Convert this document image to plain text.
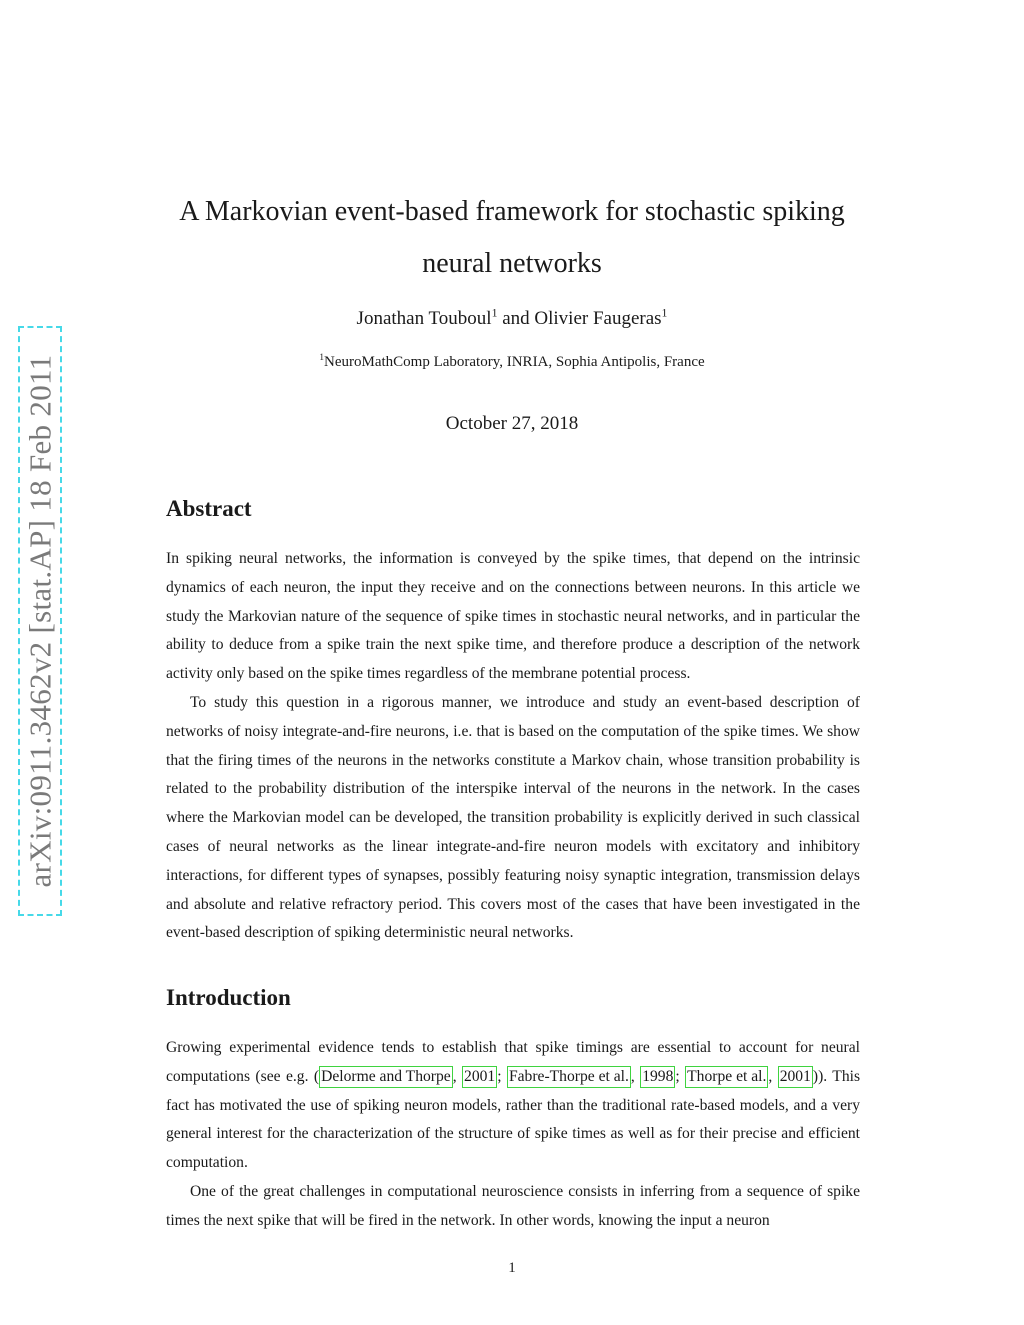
arXiv:0911.3462v2 [stat.AP] 18 Feb 2011
A Markovian event-based framework for stochastic spiking
neural networks

Jonathan Touboul$^1$ and Olivier Faugeras$^1$

$^1$NeuroMathComp Laboratory, INRIA, Sophia Antipolis, France

October 27, 2018

Abstract

In spiking neural networks, the information is conveyed by the spike times, that depend on the intrinsic dynamics of each neuron, the input they receive and on the connections between neurons. In this article we study the Markovian nature of the sequence of spike times in stochastic neural networks, and in particular the ability to deduce from a spike train the next spike time, and therefore produce a description of the network activity only based on the spike times regardless of the membrane potential process.

To study this question in a rigorous manner, we introduce and study an event-based description of networks of noisy integrate-and-fire neurons, i.e. that is based on the computation of the spike times. We show that the firing times of the neurons in the networks constitute a Markov chain, whose transition probability is related to the probability distribution of the interspike interval of the neurons in the network. In the cases where the Markovian model can be developed, the transition probability is explicitly derived in such classical cases of neural networks as the linear integrate-and-fire neuron models with excitatory and inhibitory interactions, for different types of synapses, possibly featuring noisy synaptic integration, transmission delays and absolute and relative refractory period. This covers most of the cases that have been investigated in the event-based description of spiking deterministic neural networks.

Introduction

Growing experimental evidence tends to establish that spike timings are essential to account for neural computations (see e.g. ( Delorme and Thorpe , 2001 ; Fabre-Thorpe et al. , 1998 ; Thorpe et al. , 2001 )). This fact has motivated the use of spiking neuron models, rather than the traditional rate-based models, and a very general interest for the characterization of the structure of spike times as well as for their precise and efficient computation.

One of the great challenges in computational neuroscience consists in inferring from a sequence of spike times the next spike that will be fired in the network. In other words, knowing the input a neuron

1
